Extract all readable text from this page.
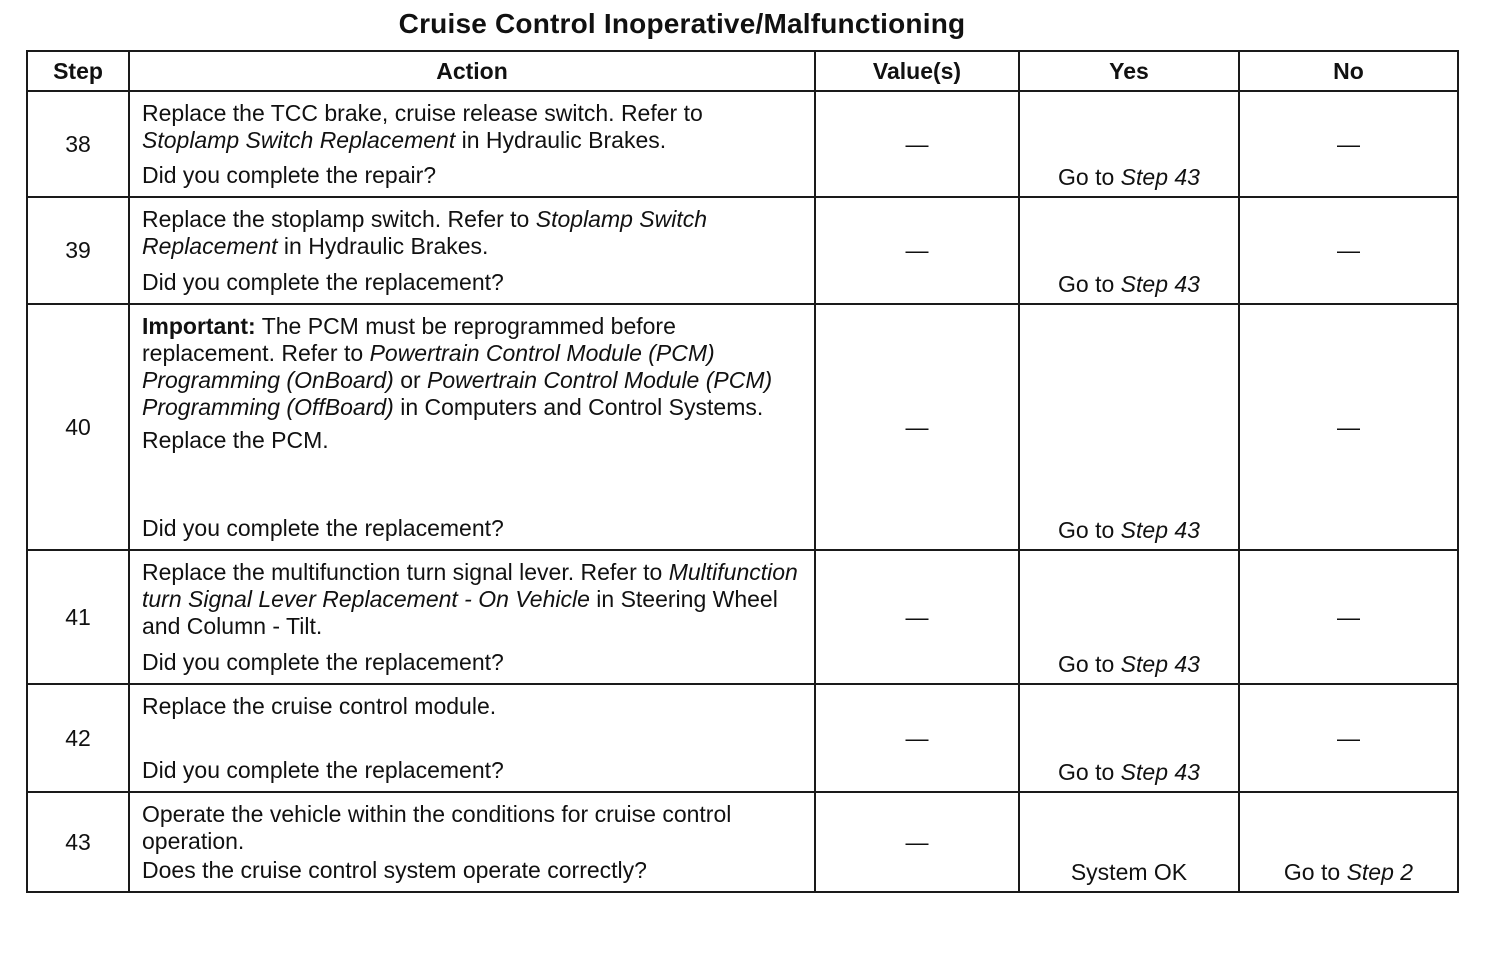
Cruise Control Inoperative/Malfunctioning
Step	Action	Value(s)	Yes	No
38	Replace the TCC brake, cruise release switch. Refer to Stoplamp Switch Replacement in Hydraulic Brakes.
Did you complete the repair?	—	Go to Step 43	—
39	Replace the stoplamp switch. Refer to Stoplamp Switch Replacement in Hydraulic Brakes.
Did you complete the replacement?	—	Go to Step 43	—
40	Important: The PCM must be reprogrammed before replacement. Refer to Powertrain Control Module (PCM) Programming (OnBoard) or Powertrain Control Module (PCM) Programming (OffBoard) in Computers and Control Systems.
Replace the PCM.
Did you complete the replacement?	—	Go to Step 43	—
41	Replace the multifunction turn signal lever. Refer to Multifunction turn Signal Lever Replacement - On Vehicle in Steering Wheel and Column - Tilt.
Did you complete the replacement?	—	Go to Step 43	—
42	Replace the cruise control module.
Did you complete the replacement?	—	Go to Step 43	—
43	Operate the vehicle within the conditions for cruise control operation.
Does the cruise control system operate correctly?	—	System OK	Go to Step 2
